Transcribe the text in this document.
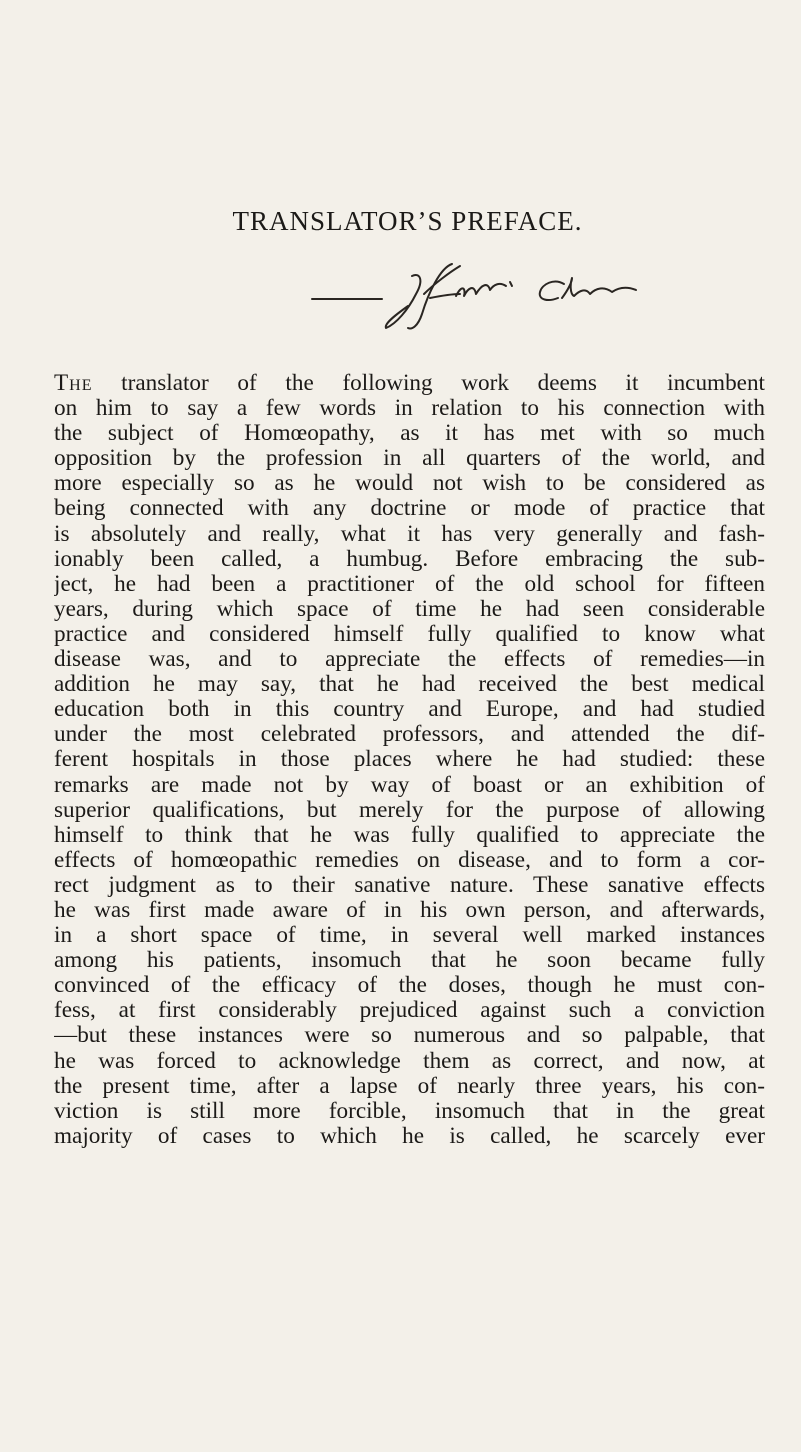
TRANSLATOR’S PREFACE.
The translator of the following work deems it incumbent
on him to say a few words in relation to his connection with
the subject of Homœopathy, as it has met with so much
opposition by the profession in all quarters of the world, and
more especially so as he would not wish to be considered as
being connected with any doctrine or mode of practice that
is absolutely and really, what it has very generally and fash-
ionably been called, a humbug. Before embracing the sub-
ject, he had been a practitioner of the old school for fifteen
years, during which space of time he had seen considerable
practice and considered himself fully qualified to know what
disease was, and to appreciate the effects of remedies—in
addition he may say, that he had received the best medical
education both in this country and Europe, and had studied
under the most celebrated professors, and attended the dif-
ferent hospitals in those places where he had studied: these
remarks are made not by way of boast or an exhibition of
superior qualifications, but merely for the purpose of allowing
himself to think that he was fully qualified to appreciate the
effects of homœopathic remedies on disease, and to form a cor-
rect judgment as to their sanative nature. These sanative effects
he was first made aware of in his own person, and afterwards,
in a short space of time, in several well marked instances
among his patients, insomuch that he soon became fully
convinced of the efficacy of the doses, though he must con-
fess, at first considerably prejudiced against such a conviction
—but these instances were so numerous and so palpable, that
he was forced to acknowledge them as correct, and now, at
the present time, after a lapse of nearly three years, his con-
viction is still more forcible, insomuch that in the great
majority of cases to which he is called, he scarcely ever
